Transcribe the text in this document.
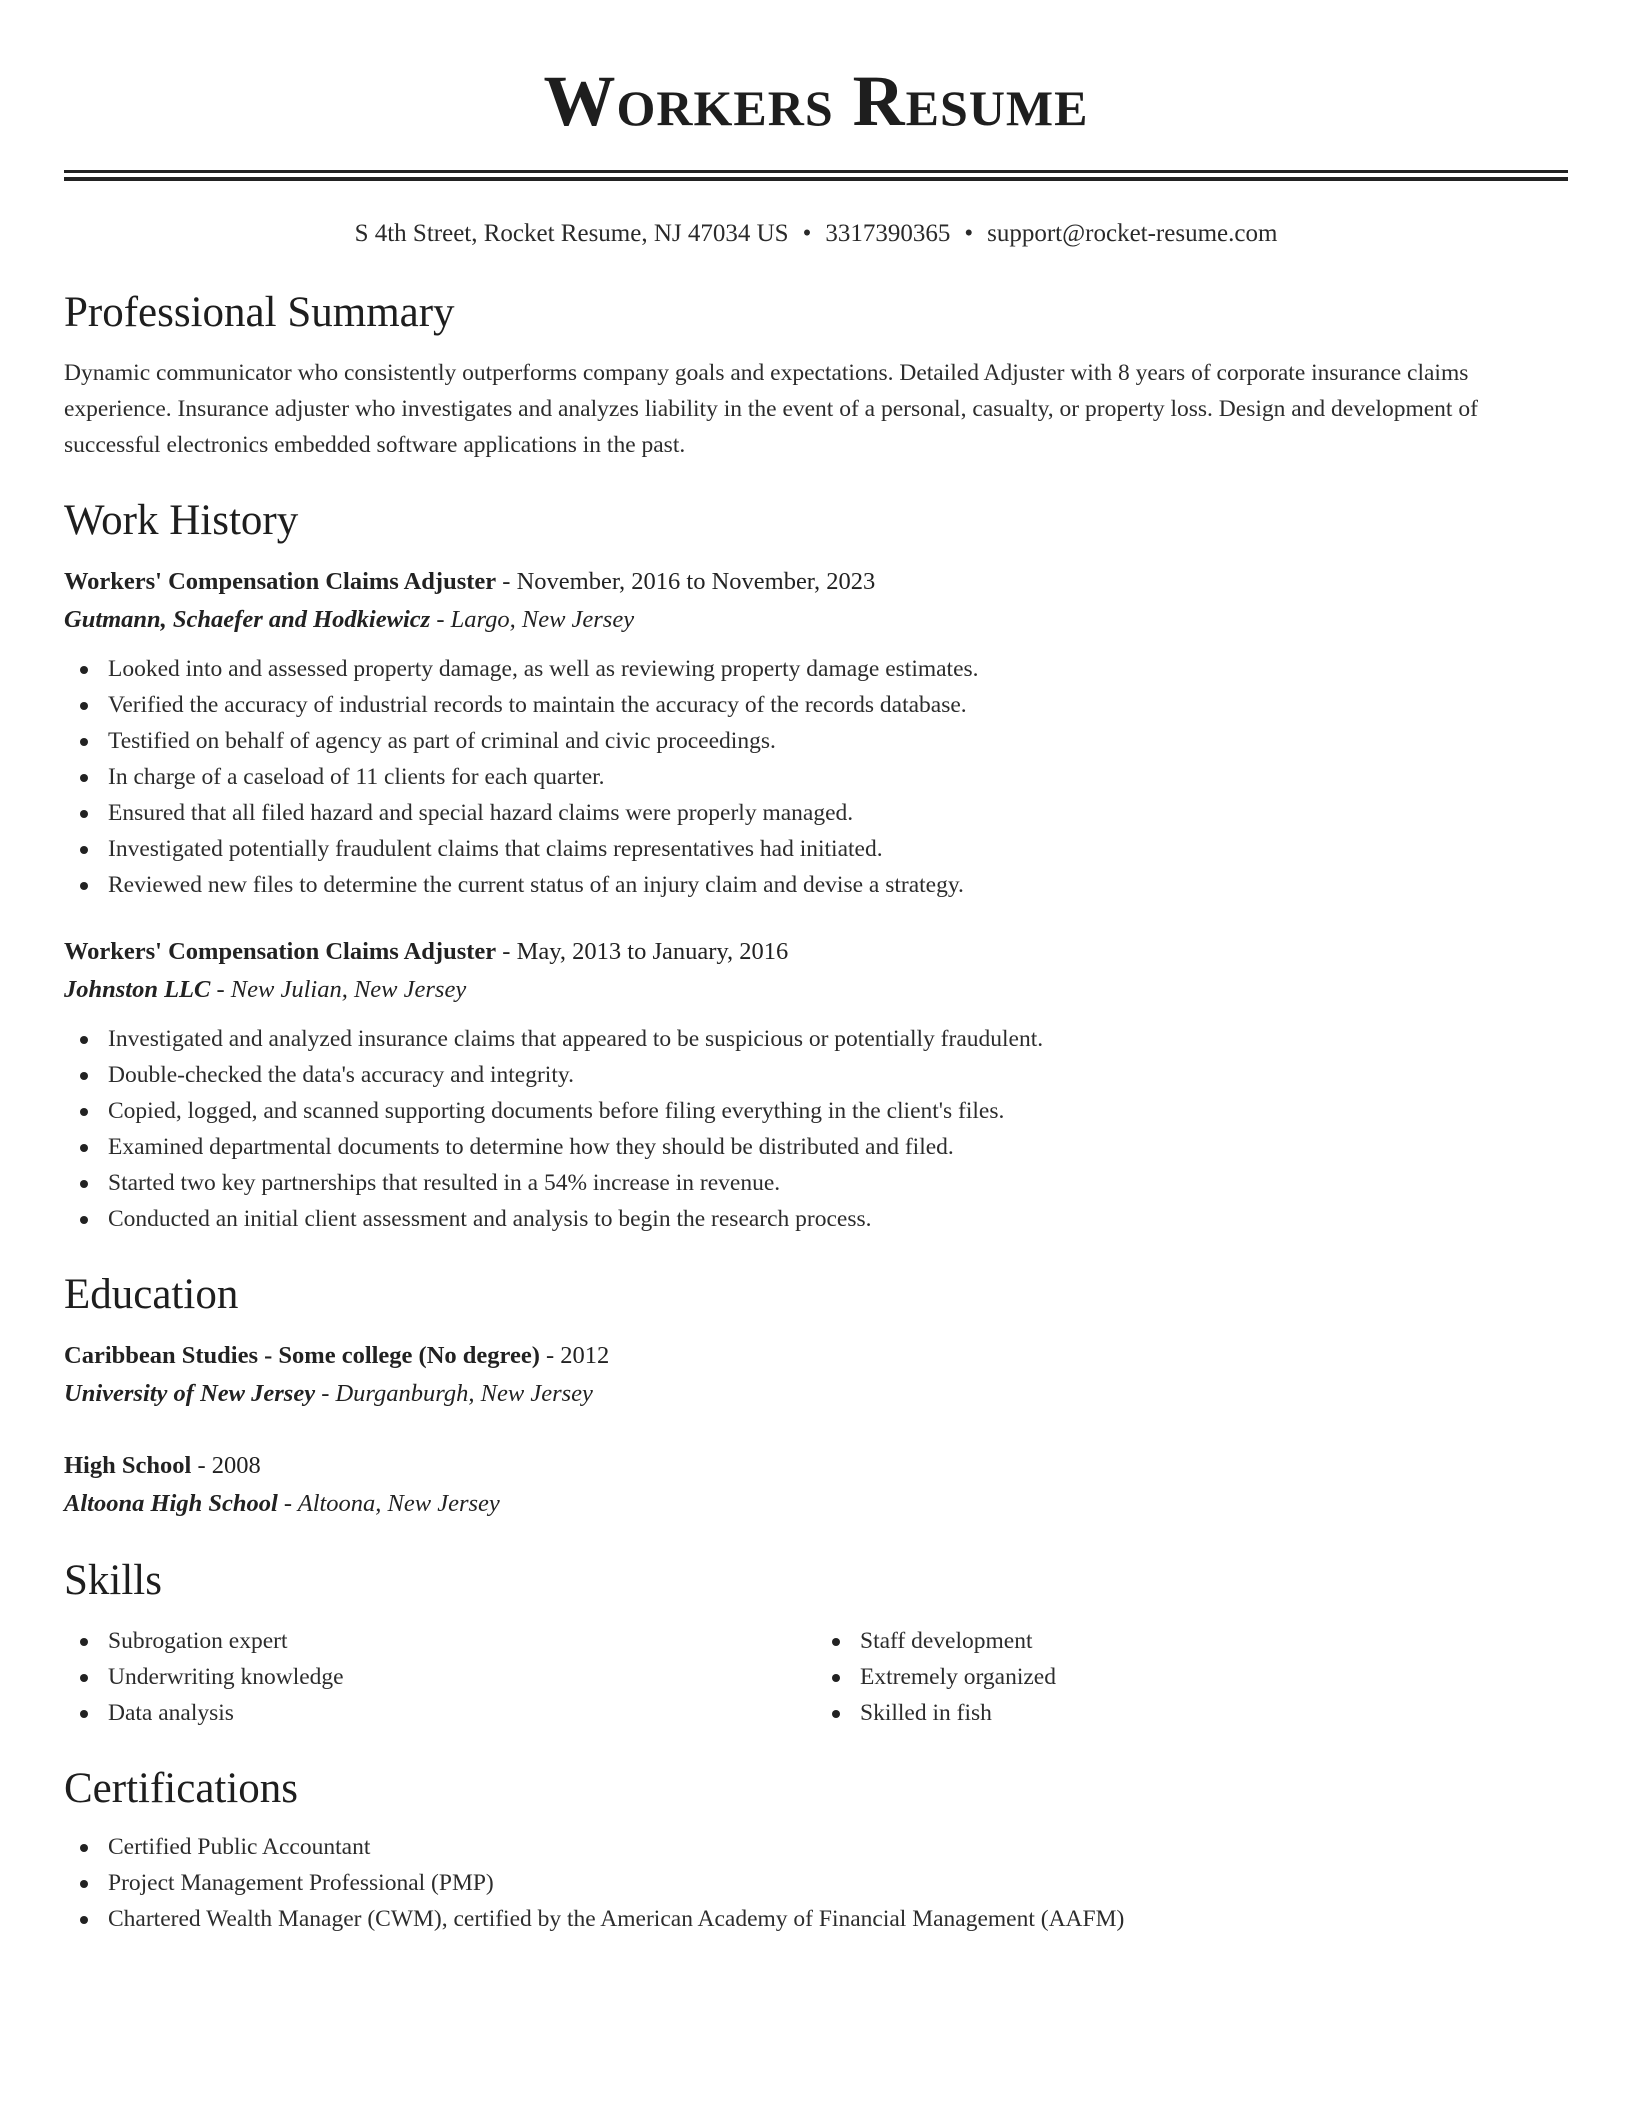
Workers Resume
S 4th Street, Rocket Resume, NJ 47034 US • 3317390365 • support@rocket-resume.com
Professional Summary
Dynamic communicator who consistently outperforms company goals and expectations. Detailed Adjuster with 8 years of corporate insurance claims experience. Insurance adjuster who investigates and analyzes liability in the event of a personal, casualty, or property loss. Design and development of successful electronics embedded software applications in the past.
Work History
Workers' Compensation Claims Adjuster - November, 2016 to November, 2023
Gutmann, Schaefer and Hodkiewicz - Largo, New Jersey
Looked into and assessed property damage, as well as reviewing property damage estimates.
Verified the accuracy of industrial records to maintain the accuracy of the records database.
Testified on behalf of agency as part of criminal and civic proceedings.
In charge of a caseload of 11 clients for each quarter.
Ensured that all filed hazard and special hazard claims were properly managed.
Investigated potentially fraudulent claims that claims representatives had initiated.
Reviewed new files to determine the current status of an injury claim and devise a strategy.
Workers' Compensation Claims Adjuster - May, 2013 to January, 2016
Johnston LLC - New Julian, New Jersey
Investigated and analyzed insurance claims that appeared to be suspicious or potentially fraudulent.
Double-checked the data's accuracy and integrity.
Copied, logged, and scanned supporting documents before filing everything in the client's files.
Examined departmental documents to determine how they should be distributed and filed.
Started two key partnerships that resulted in a 54% increase in revenue.
Conducted an initial client assessment and analysis to begin the research process.
Education
Caribbean Studies - Some college (No degree) - 2012
University of New Jersey - Durganburgh, New Jersey
High School - 2008
Altoona High School - Altoona, New Jersey
Skills
Subrogation expert
Underwriting knowledge
Data analysis
Staff development
Extremely organized
Skilled in fish
Certifications
Certified Public Accountant
Project Management Professional (PMP)
Chartered Wealth Manager (CWM), certified by the American Academy of Financial Management (AAFM)
